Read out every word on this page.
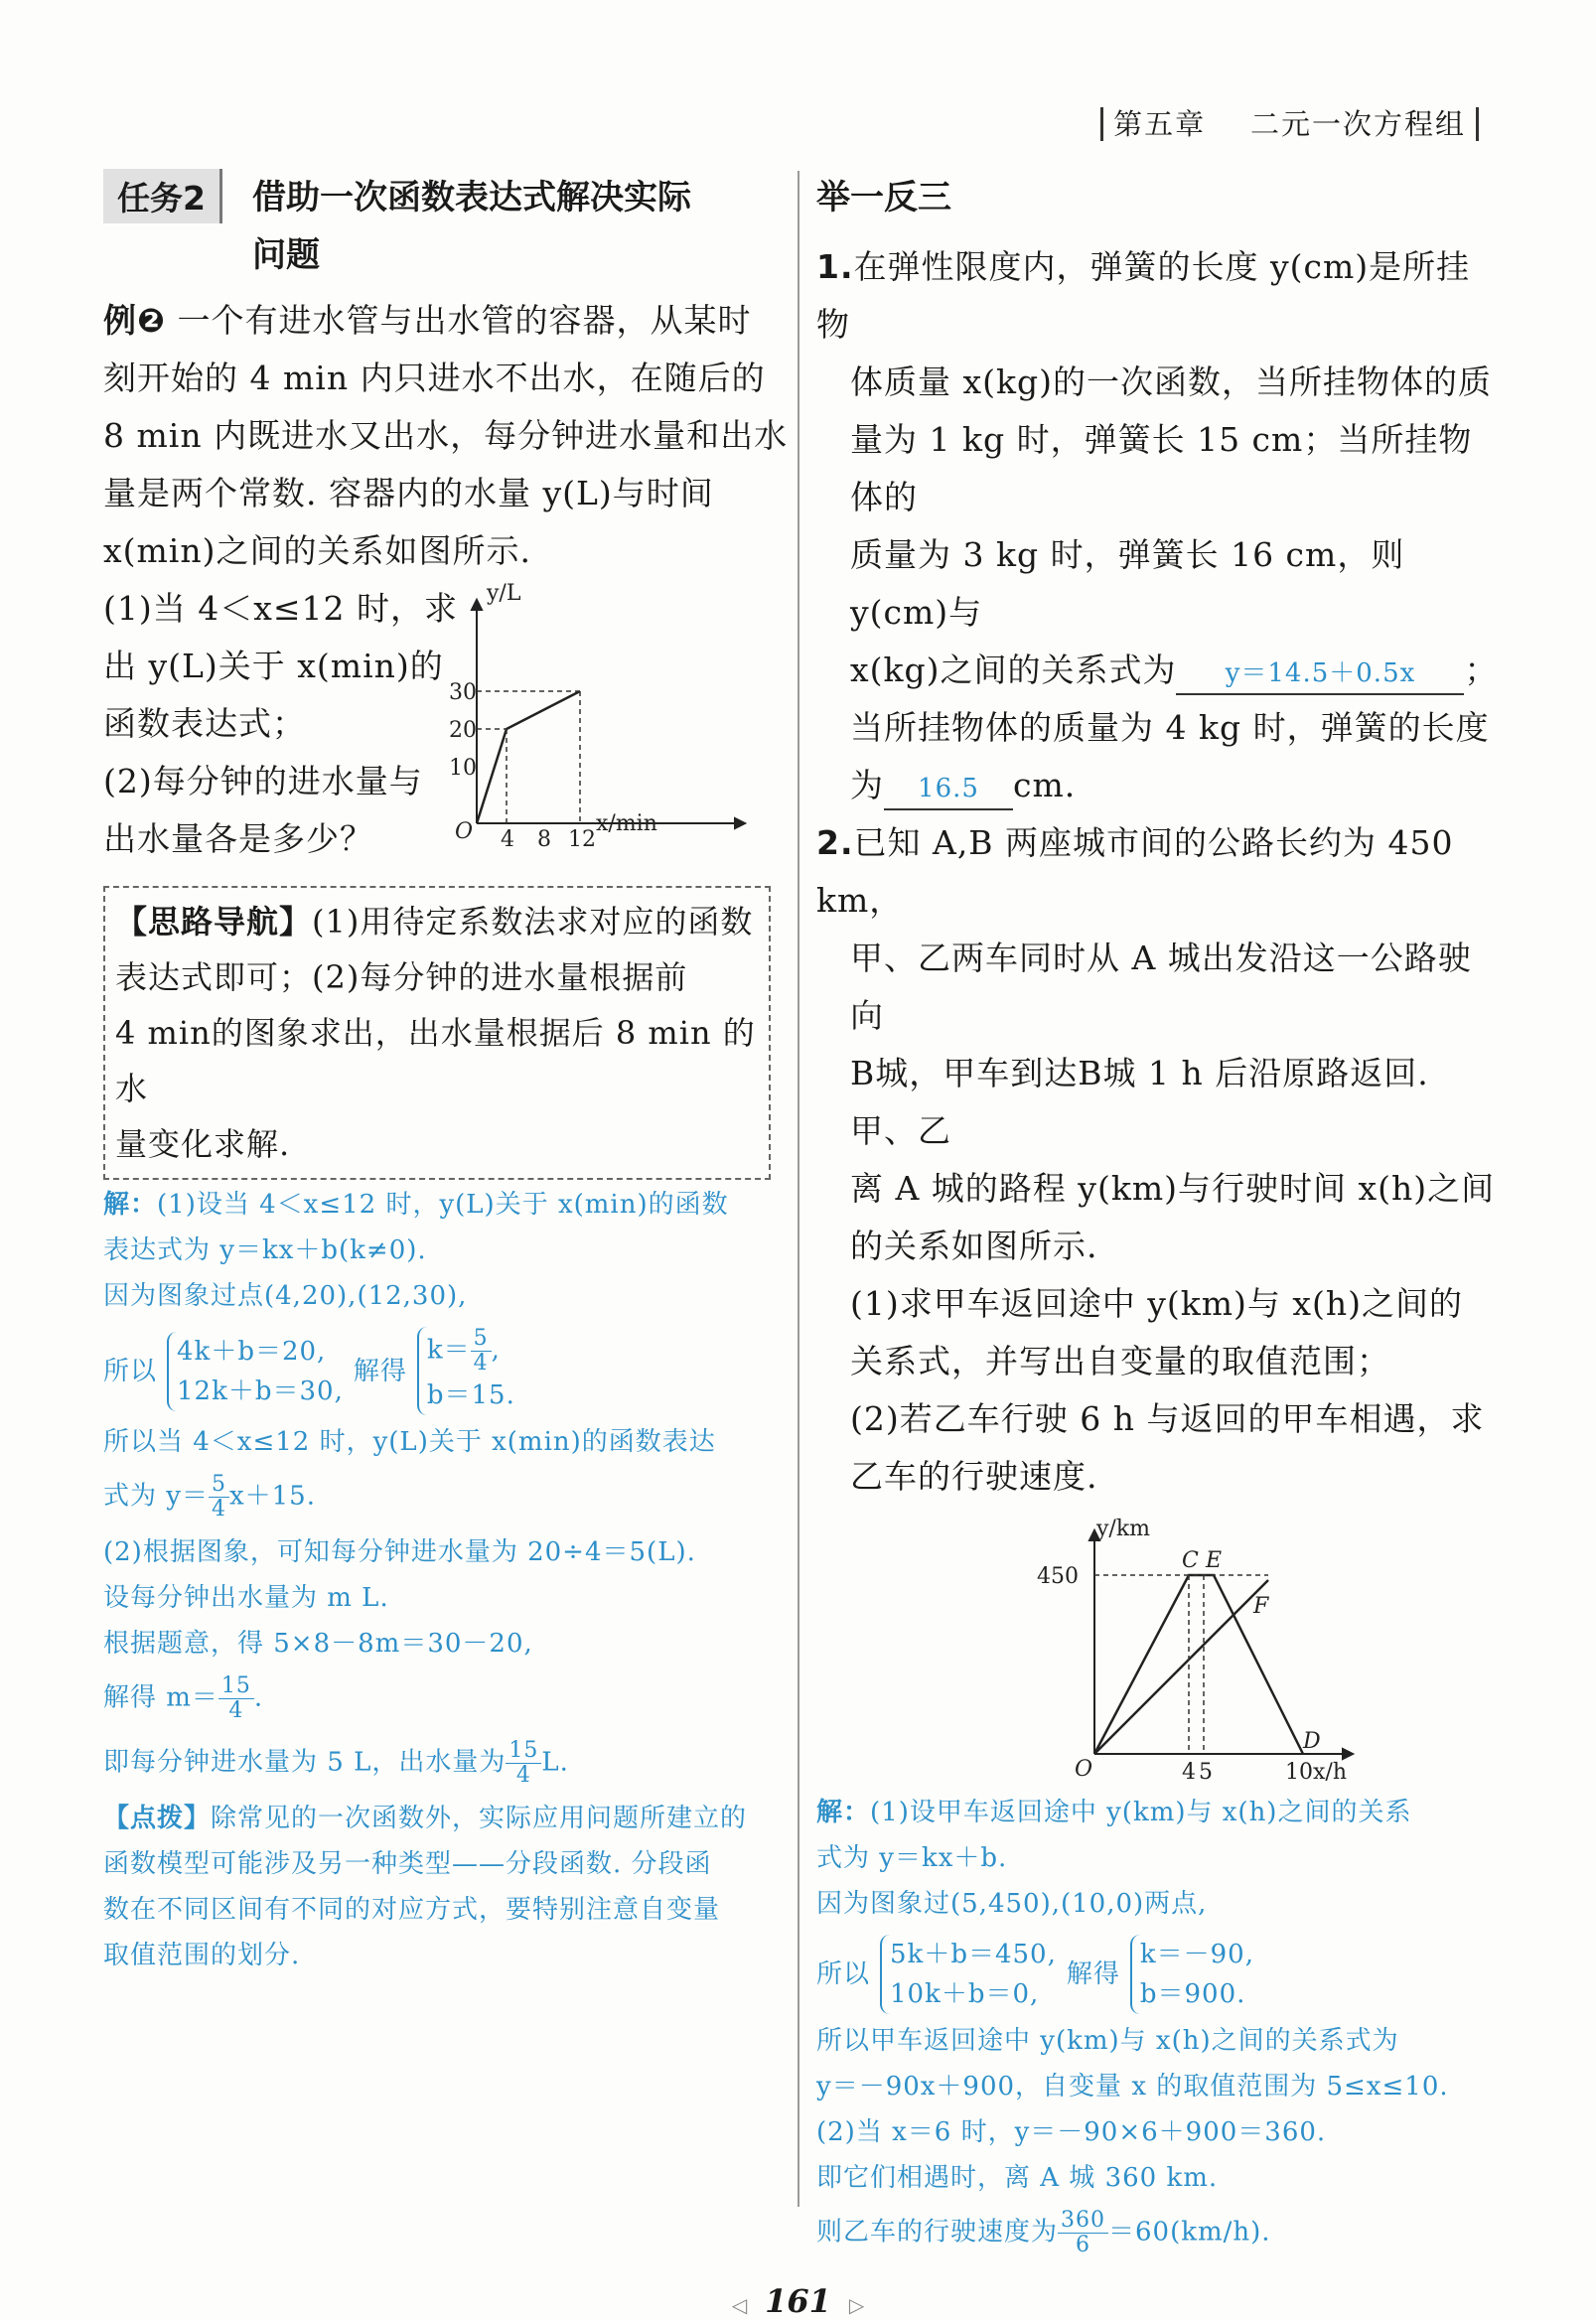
第五章 二元一次方程组
任务2	借助一次函数表达式解决实际
问题
例❷ 一个有进水管与出水管的容器，从某时
刻开始的 4 min 内只进水不出水，在随后的
8 min 内既进水又出水，每分钟进水量和出水
量是两个常数. 容器内的水量 y(L)与时间
x(min)之间的关系如图所示.
(1)当 4＜x≤12 时，求
出 y(L)关于 x(min)的
函数表达式；
(2)每分钟的进水量与
出水量各是多少？
y/L
x/min
O
10
20
30
4 8 12
【思路导航】(1)用待定系数法求对应的函数
表达式即可；(2)每分钟的进水量根据前
4 min的图象求出，出水量根据后 8 min 的水
量变化求解.
解：(1)设当 4＜x≤12 时，y(L)关于 x(min)的函数
表达式为 y＝kx＋b(k≠0).
因为图象过点(4,20),(12,30),
所以
4k＋b＝20,
12k＋b＝30,
解得
$k= \frac{5}{4}$ ,
b＝15.
所以当 4＜x≤12 时，y(L)关于 x(min)的函数表达
式为 $y= \frac{5}{4} x+15$.
(2)根据图象，可知每分钟进水量为 20÷4＝5(L).
设每分钟出水量为 m L.
根据题意，得 5×8－8m＝30－20,
解得 $m= \frac{15}{4}$ .
即每分钟进水量为 5 L，出水量为 $\frac{15}{4} L$.
【点拨】除常见的一次函数外，实际应用问题所建立的
函数模型可能涉及另一种类型——分段函数. 分段函
数在不同区间有不同的对应方式，要特别注意自变量
取值范围的划分.
举一反三
1.在弹性限度内，弹簧的长度 y(cm)是所挂物
体质量 x(kg)的一次函数，当所挂物体的质
量为 1 kg 时，弹簧长 15 cm；当所挂物体的
质量为 3 kg 时，弹簧长 16 cm，则 y(cm)与
x(kg)之间的关系式为 y＝14.5＋0.5x ；
当所挂物体的质量为 4 kg 时，弹簧的长度
为 16.5 cm.
2.已知 A,B 两座城市间的公路长约为 450 km，
甲、乙两车同时从 A 城出发沿这一公路驶向
B城，甲车到达B城 1 h 后沿原路返回. 甲、乙
离 A 城的路程 y(km)与行驶时间 x(h)之间
的关系如图所示.
(1)求甲车返回途中 y(km)与 x(h)之间的
关系式，并写出自变量的取值范围；
(2)若乙车行驶 6 h 与返回的甲车相遇，求
乙车的行驶速度.
y/km
x/h
O
450
4 5	10
C E
F
D
解：(1)设甲车返回途中 y(km)与 x(h)之间的关系
式为 y＝kx＋b.
因为图象过(5,450),(10,0)两点,
所以
5k＋b＝450,
10k＋b＝0,
解得
k＝－90,
b＝900.
所以甲车返回途中 y(km)与 x(h)之间的关系式为
y＝－90x＋900，自变量 x 的取值范围为 5≤x≤10.
(2)当 x＝6 时，y＝－90×6＋900＝360.
即它们相遇时，离 A 城 360 km.
则乙车的行驶速度为 $\frac{360}{6} =60(km/h)$.
◁ 161 ▷
